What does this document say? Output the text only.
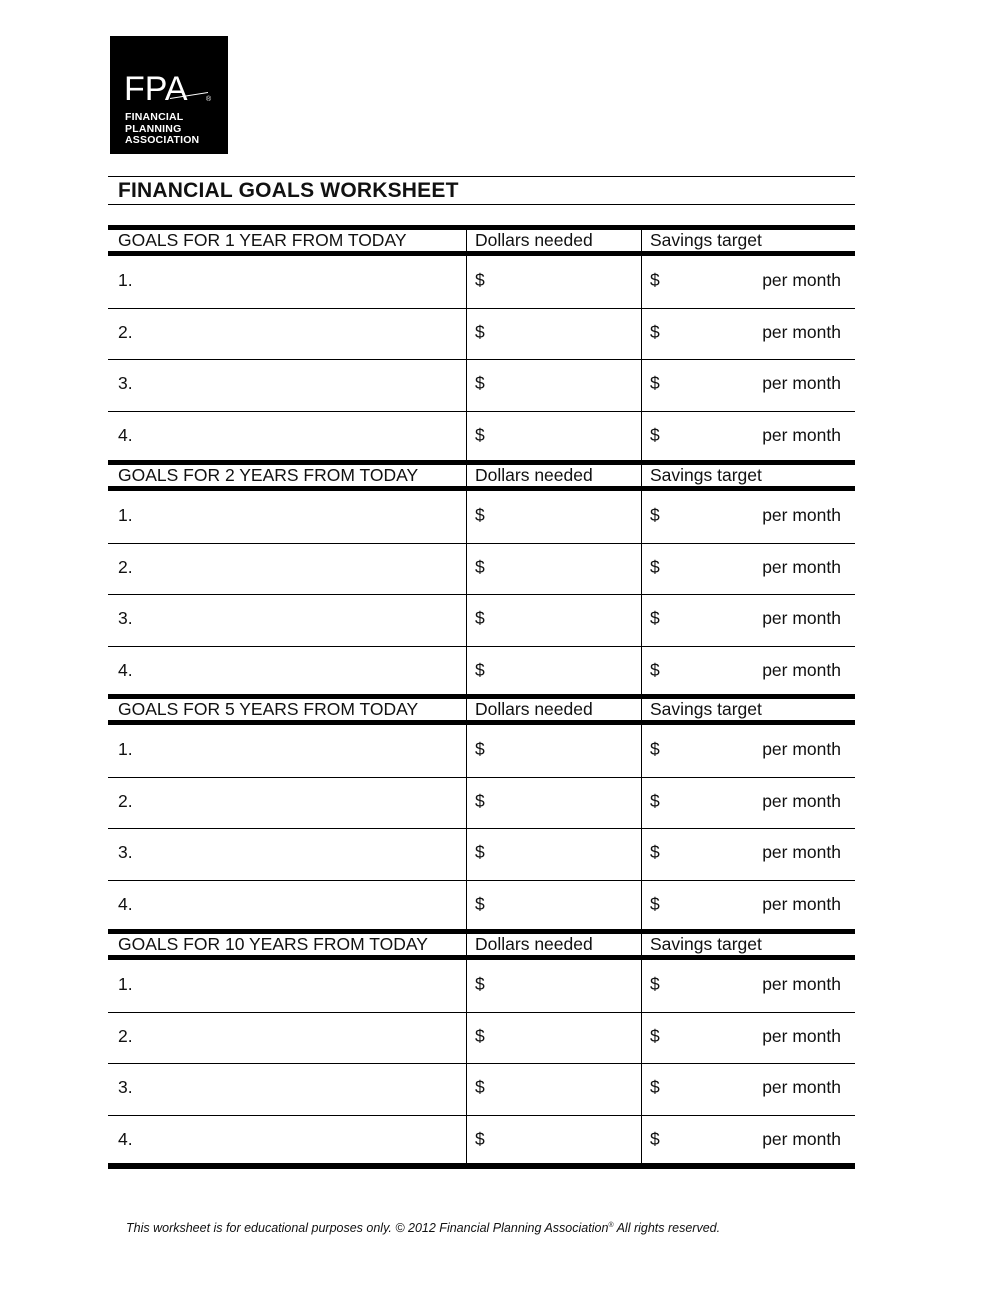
FPA	®
FINANCIAL
PLANNING
ASSOCIATION
FINANCIAL GOALS WORKSHEET
GOALS FOR 1 YEAR FROM TODAY	Dollars needed	Savings target
1.	$	$	per month
2.	$	$	per month
3.	$	$	per month
4.	$	$	per month
GOALS FOR 2 YEARS FROM TODAY	Dollars needed	Savings target
1.	$	$	per month
2.	$	$	per month
3.	$	$	per month
4.	$	$	per month
GOALS FOR 5 YEARS FROM TODAY	Dollars needed	Savings target
1.	$	$	per month
2.	$	$	per month
3.	$	$	per month
4.	$	$	per month
GOALS FOR 10 YEARS FROM TODAY	Dollars needed	Savings target
1.	$	$	per month
2.	$	$	per month
3.	$	$	per month
4.	$	$	per month
This worksheet is for educational purposes only. © 2012 Financial Planning Association® All rights reserved.
